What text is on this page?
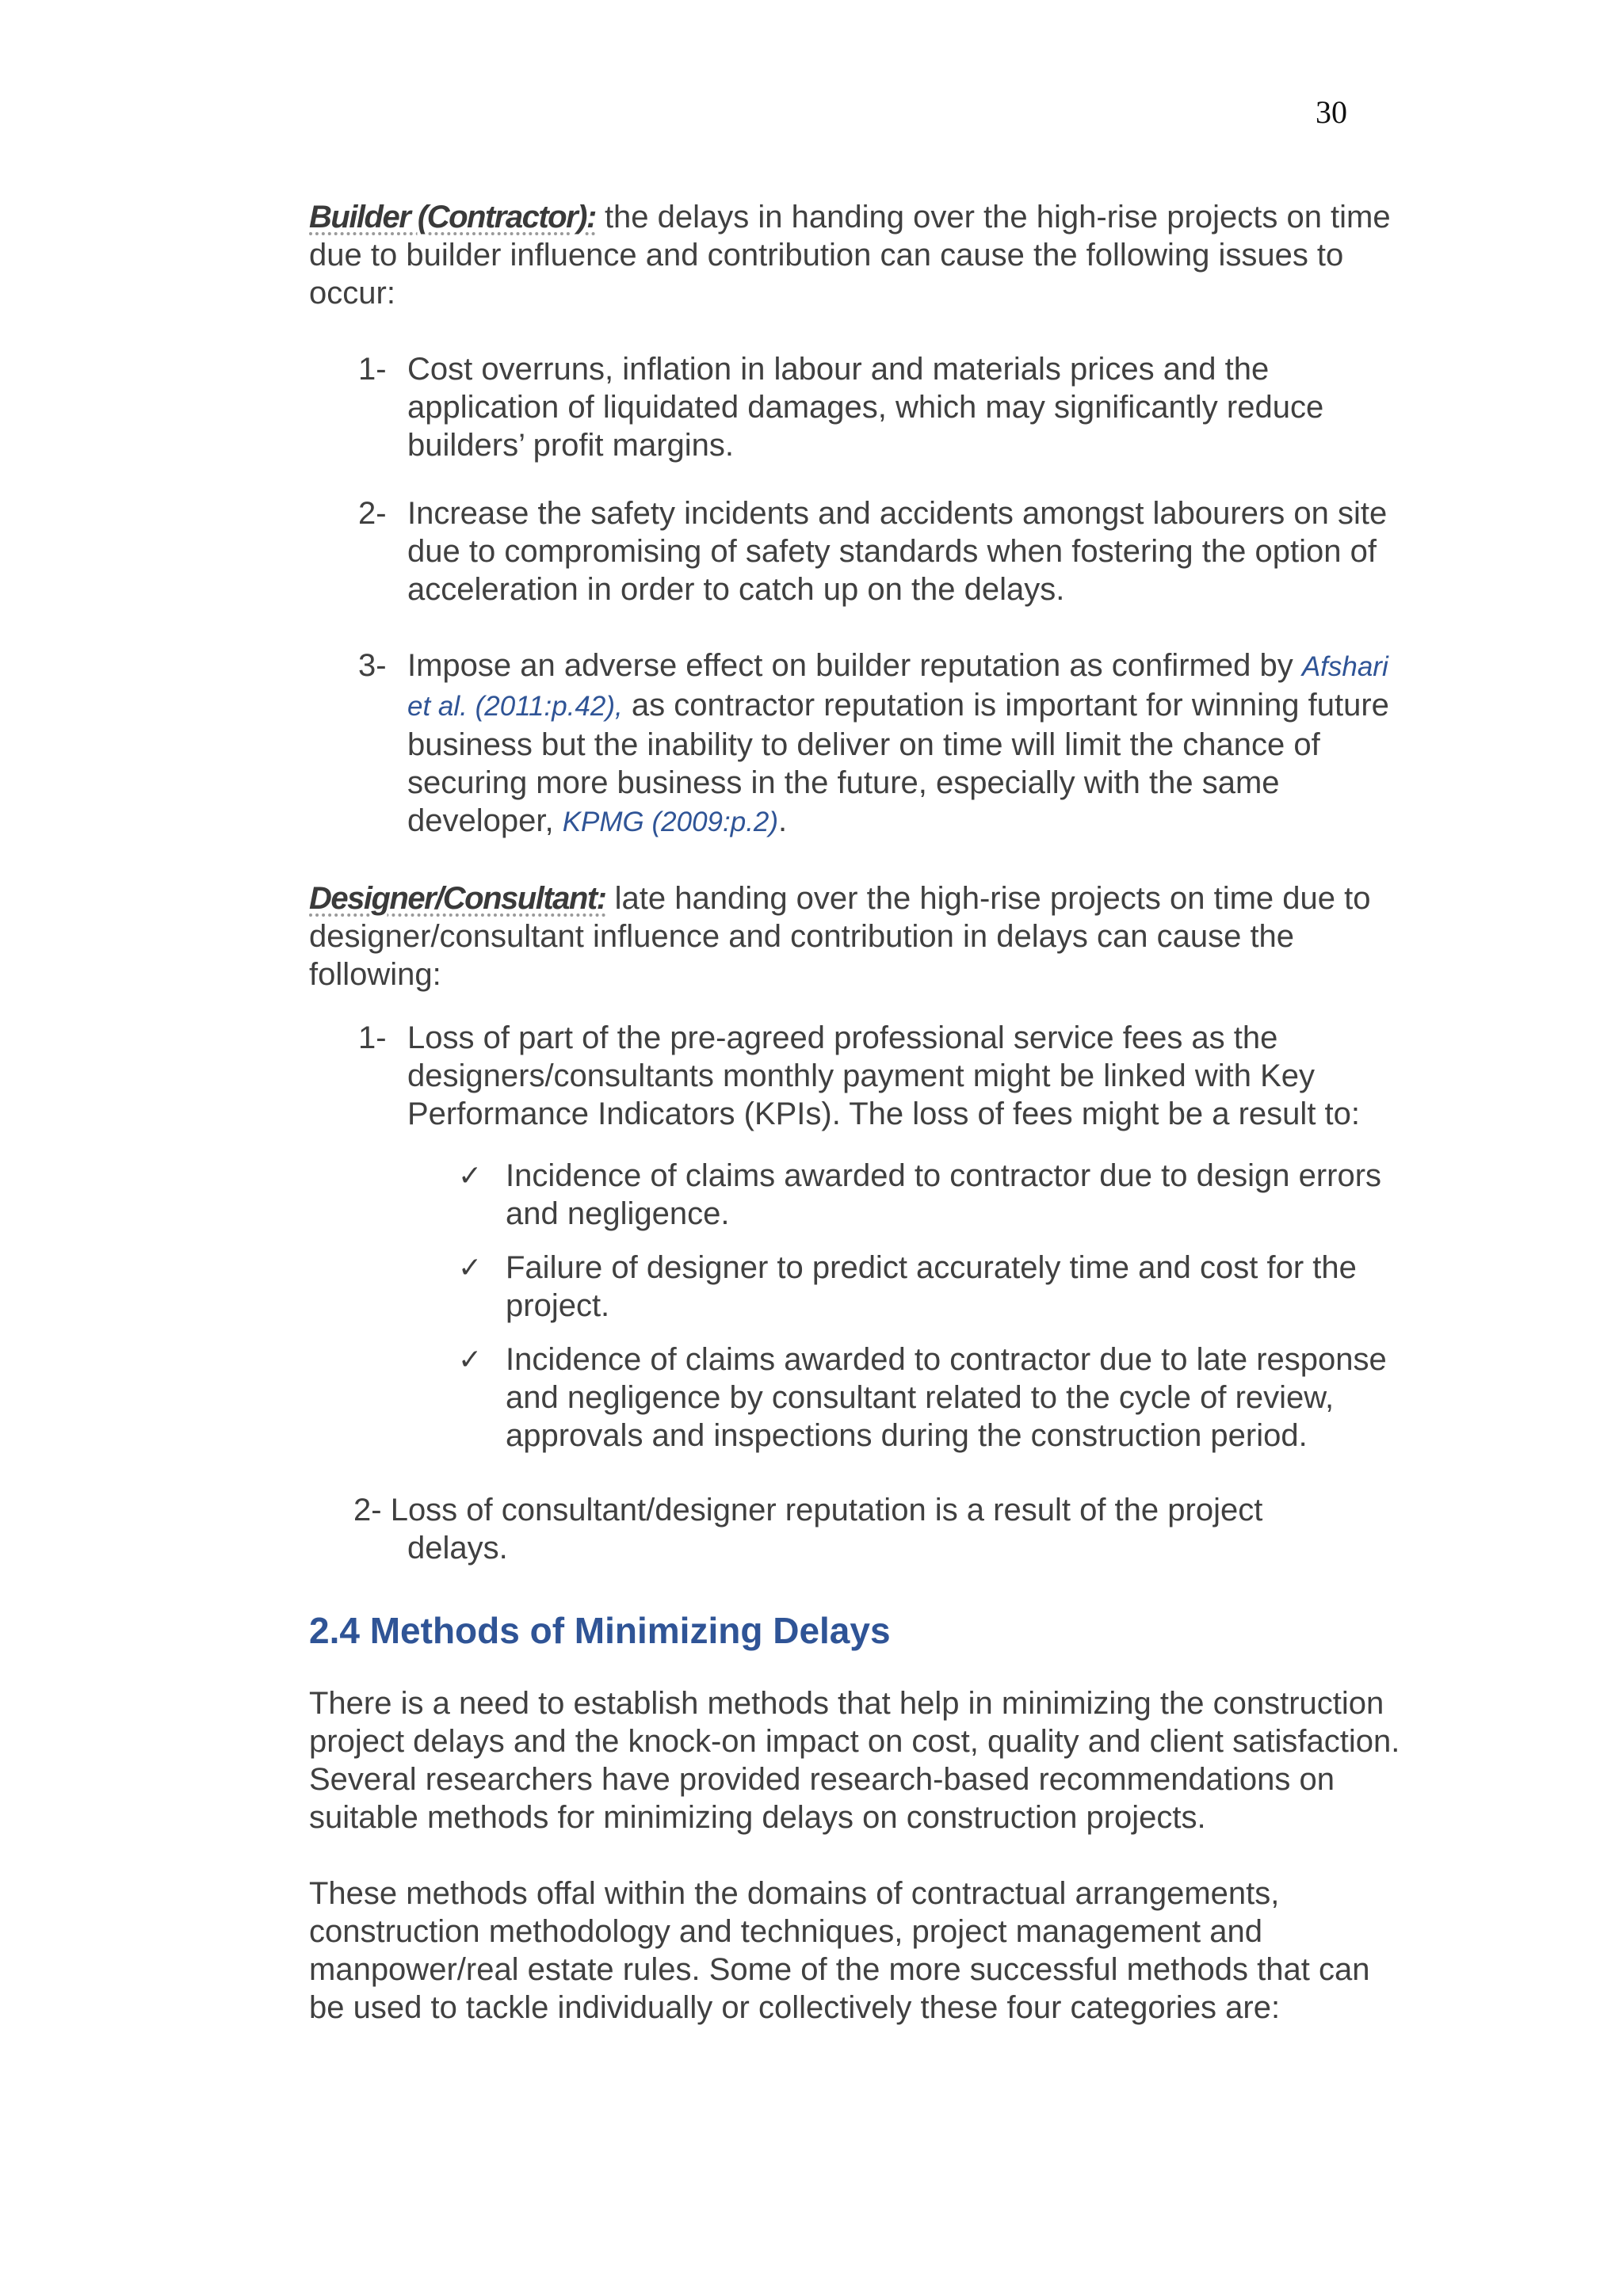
30

Builder (Contractor): the delays in handing over the high-rise projects on time due to builder influence and contribution can cause the following issues to occur:

1- Cost overruns, inflation in labour and materials prices and the application of liquidated damages, which may significantly reduce builders’ profit margins.
2- Increase the safety incidents and accidents amongst labourers on site due to compromising of safety standards when fostering the option of acceleration in order to catch up on the delays.
3- Impose an adverse effect on builder reputation as confirmed by Afshari et al. (2011:p.42), as contractor reputation is important for winning future business but the inability to deliver on time will limit the chance of securing more business in the future, especially with the same developer, KPMG (2009:p.2).

Designer/Consultant: late handing over the high-rise projects on time due to designer/consultant influence and contribution in delays can cause the following:

1- Loss of part of the pre-agreed professional service fees as the designers/consultants monthly payment might be linked with Key Performance Indicators (KPIs). The loss of fees might be a result to:
✓ Incidence of claims awarded to contractor due to design errors and negligence.
✓ Failure of designer to predict accurately time and cost for the project.
✓ Incidence of claims awarded to contractor due to late response and negligence by consultant related to the cycle of review, approvals and inspections during the construction period.
2- Loss of consultant/designer reputation is a result of the project
delays.
2.4 Methods of Minimizing Delays

There is a need to establish methods that help in minimizing the construction project delays and the knock-on impact on cost, quality and client satisfaction. Several researchers have provided research-based recommendations on suitable methods for minimizing delays on construction projects.

These methods offal within the domains of contractual arrangements, construction methodology and techniques, project management and manpower/real estate rules. Some of the more successful methods that can be used to tackle individually or collectively these four categories are:
